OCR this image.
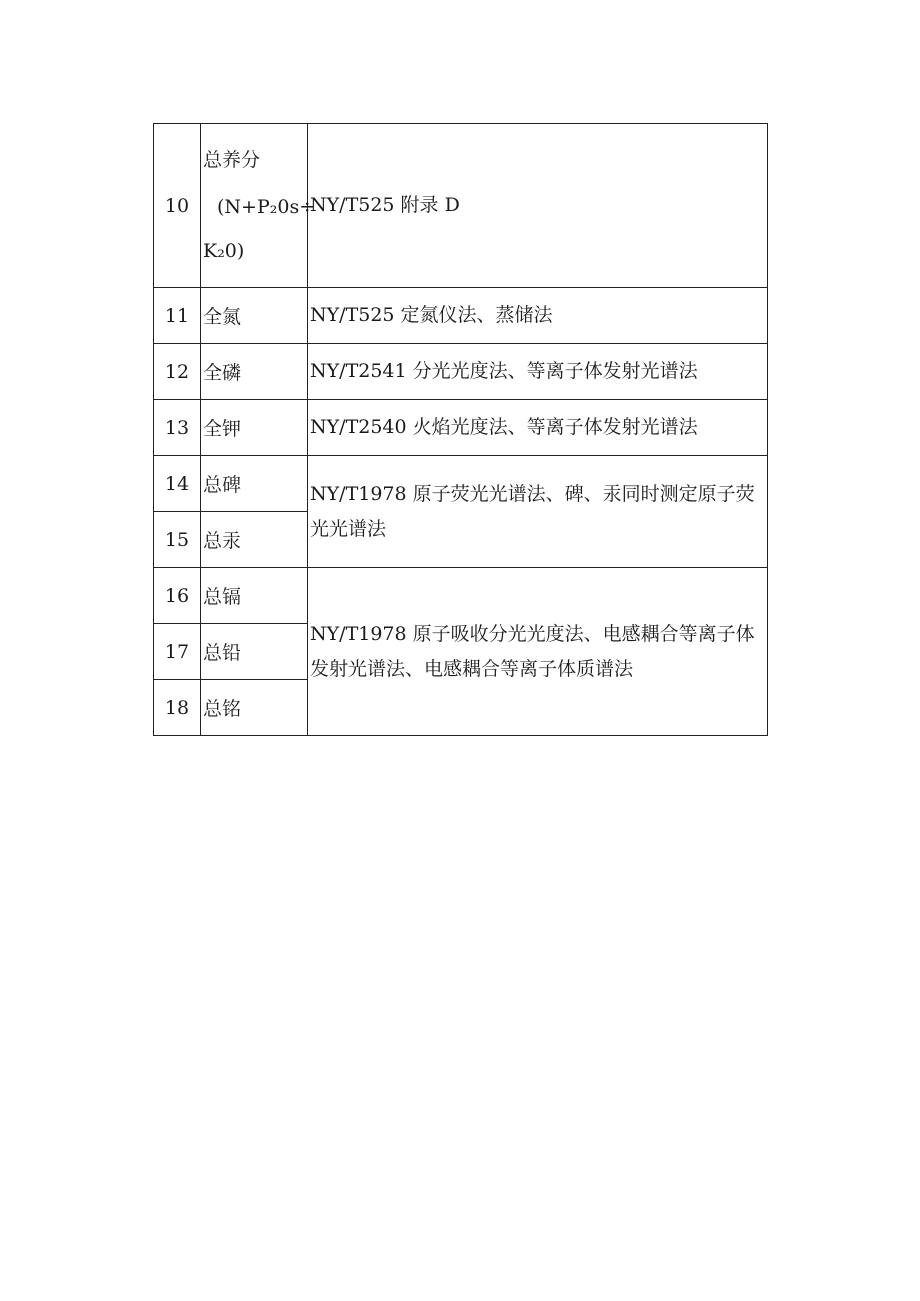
10	总养分
(N+P₂0s÷
K₂0)	NY/T525 附录 D
11	全氮	NY/T525 定氮仪法、蒸储法
12	全磷	NY/T2541 分光光度法、等离子体发射光谱法
13	全钾	NY/T2540 火焰光度法、等离子体发射光谱法
14	总碑	NY/T1978 原子荧光光谱法、碑、汞同时测定原子荧光光谱法
15	总汞	
16	总镉	NY/T1978 原子吸收分光光度法、电感耦合等离子体发射光谱法、电感耦合等离子体质谱法
17	总铅	
18	总铭	
